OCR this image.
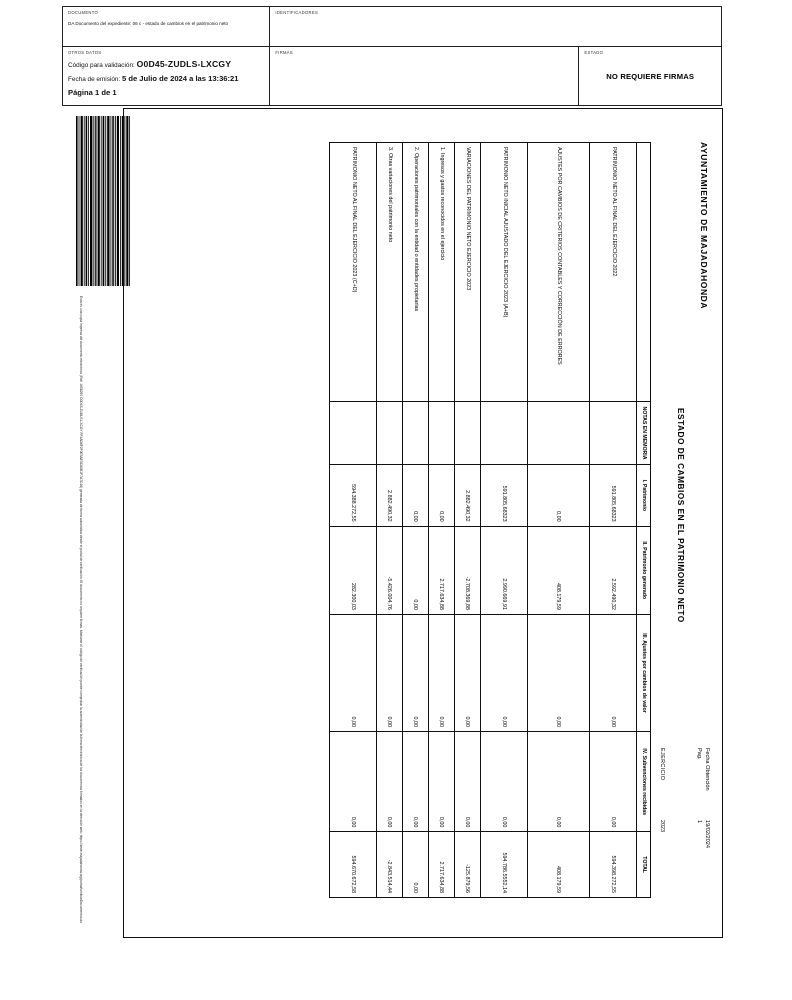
DOCUMENTO
DA Documento del expediente: 06 c - estado de cambios en el patrimonio neto
IDENTIFICADORES
OTROS DATOS
Código para validación: O0D45-ZUDLS-LXCGY
Fecha de emisión: 5 de Julio de 2024 a las 13:36:21
Página 1 de 1
FIRMAS	ESTADO
NO REQUIERE FIRMAS
Esta es una copia impresa del documento electrónico (Ref: 1658290 O0D45-ZUDLS-LXCGY FF4AD8F2F0E5AE3CA0B1F7A7C48) generada de forma automática desde el portal de verificación. El documento no requiere firmas. Mediante el código de verificación puede comprobar la autenticidad de la firma electrónica de los documentos firmados en la dirección web: https://sede.majadahonda.org/portal/verificarDocumentos.do
AYUNTAMIENTO DE MAJADAHONDA
ESTADO DE CAMBIOS EN EL PATRIMONIO NETO
Fecha Obtención
Pag.
19/02/2024
1
EJERCICIO
2023
	NOTAS EN MEMORIA	I. Patrimonio	II. Patrimonio generado	III. Ajustes por cambios de valor	IV. Subvenciones recibidas	TOTAL
PATRIMONIO NETO AL FINAL DEL EJERCICIO 2022		591.805,68323	2.592.490,32	0,00	0,00	594.398.272,55
AJUSTES POR CAMBIOS DE CRITERIOS CONTABLES Y CORRECCIÓN DE ERRORES		0,00	408.179,59	0,00	0,00	408.179,59
PATRIMONIO NETO INICIAL AJUSTADO DEL EJERCICIO 2023 (A+B)		591.805,68323	2.990.669,91	0,00	0,00	594.786.5552,14
VARIACIONES DEL PATRIMONIO NETO EJERCICIO 2023		2.882.490,32	-2.708.369,88	0,00	0,00	-125.879,56
1. Ingresos y gastos reconocidos en el ejercicio		0,00	2.717.634,88	0,00	0,00	2.717.634,88
2. Operaciones patrimoniales con la entidad o entidades propietarias		0,00	0,00	0,00	0,00	0,00
3. Otras variaciones del patrimonio neto		2.882.490,32	-5.426.004,76	0,00	0,00	-2.843.514,44
PATRIMONIO NETO AL FINAL DEL EJERCICIO 2023 (C+D)		594.388.272,55	282.300,03	0,00	0,00	594.670.672,58
